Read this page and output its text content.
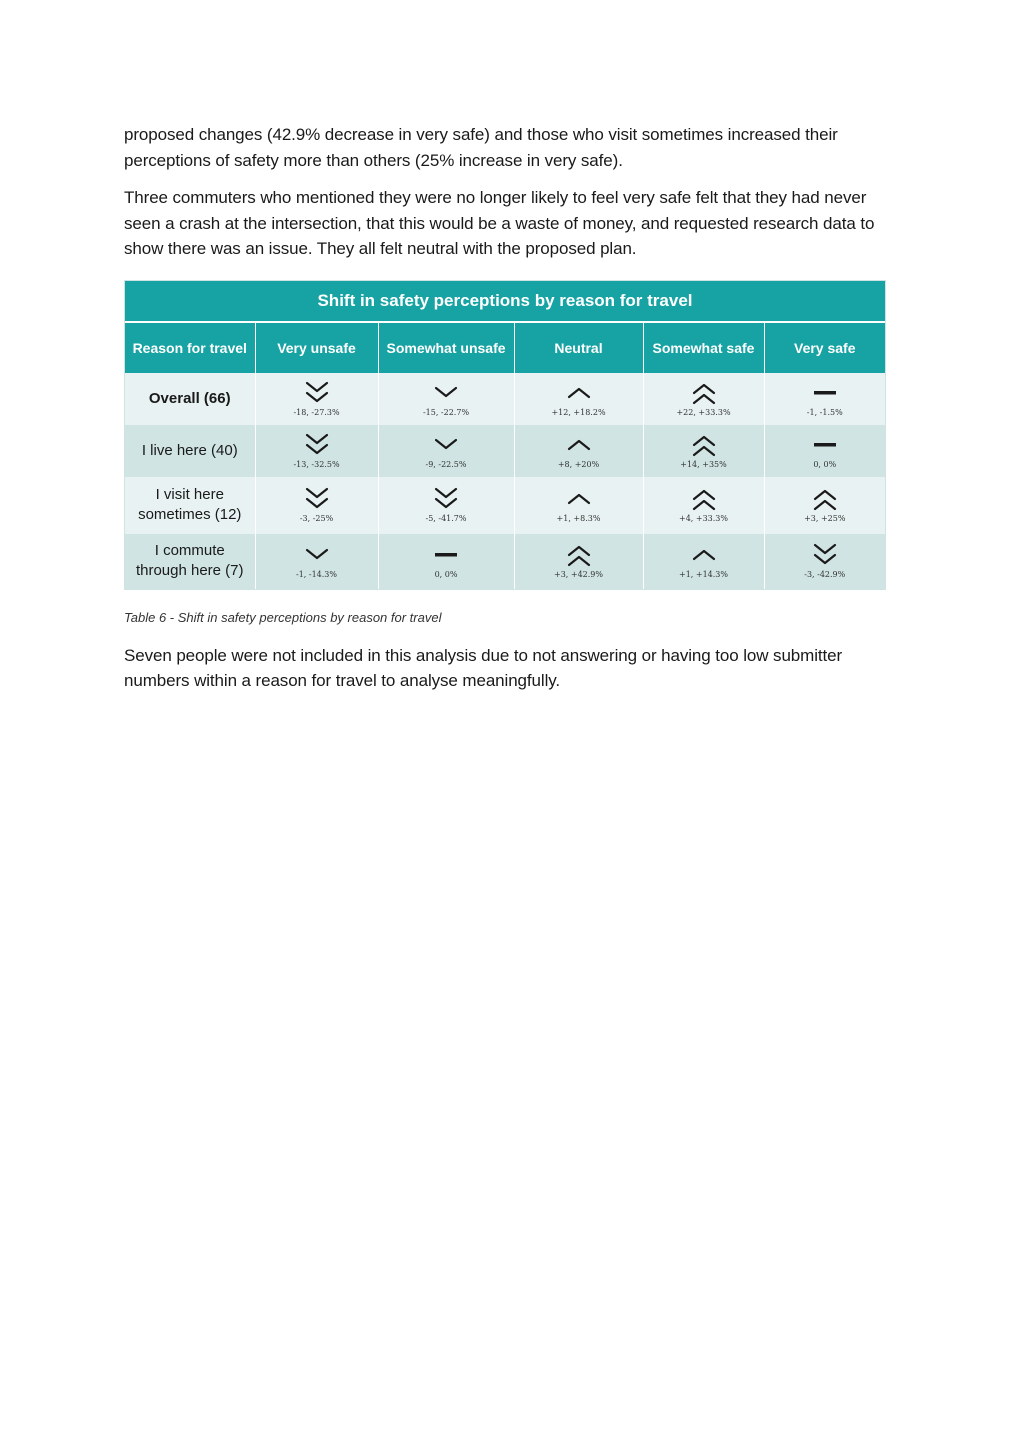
proposed changes (42.9% decrease in very safe) and those who visit sometimes increased their perceptions of safety more than others (25% increase in very safe).

Three commuters who mentioned they were no longer likely to feel very safe felt that they had never seen a crash at the intersection, that this would be a waste of money, and requested research data to show there was an issue. They all felt neutral with the proposed plan.

Shift in safety perceptions by reason for travel
Reason for travel	Very unsafe	Somewhat unsafe	Neutral	Somewhat safe	Very safe

Overall (66)	-18, -27.3%	-15, -22.7%	+12, +18.2%	+22, +33.3%	-1, -1.5%

I live here (40)	-13, -32.5%	-9, -22.5%	+8, +20%	+14, +35%	0, 0%

I visit here sometimes (12)	-3, -25%	-5, -41.7%	+1, +8.3%	+4, +33.3%	+3, +25%

I commute through here (7)	-1, -14.3%	0, 0%	+3, +42.9%	+1, +14.3%	-3, -42.9%
Table 6 - Shift in safety perceptions by reason for travel

Seven people were not included in this analysis due to not answering or having too low submitter numbers within a reason for travel to analyse meaningfully.
